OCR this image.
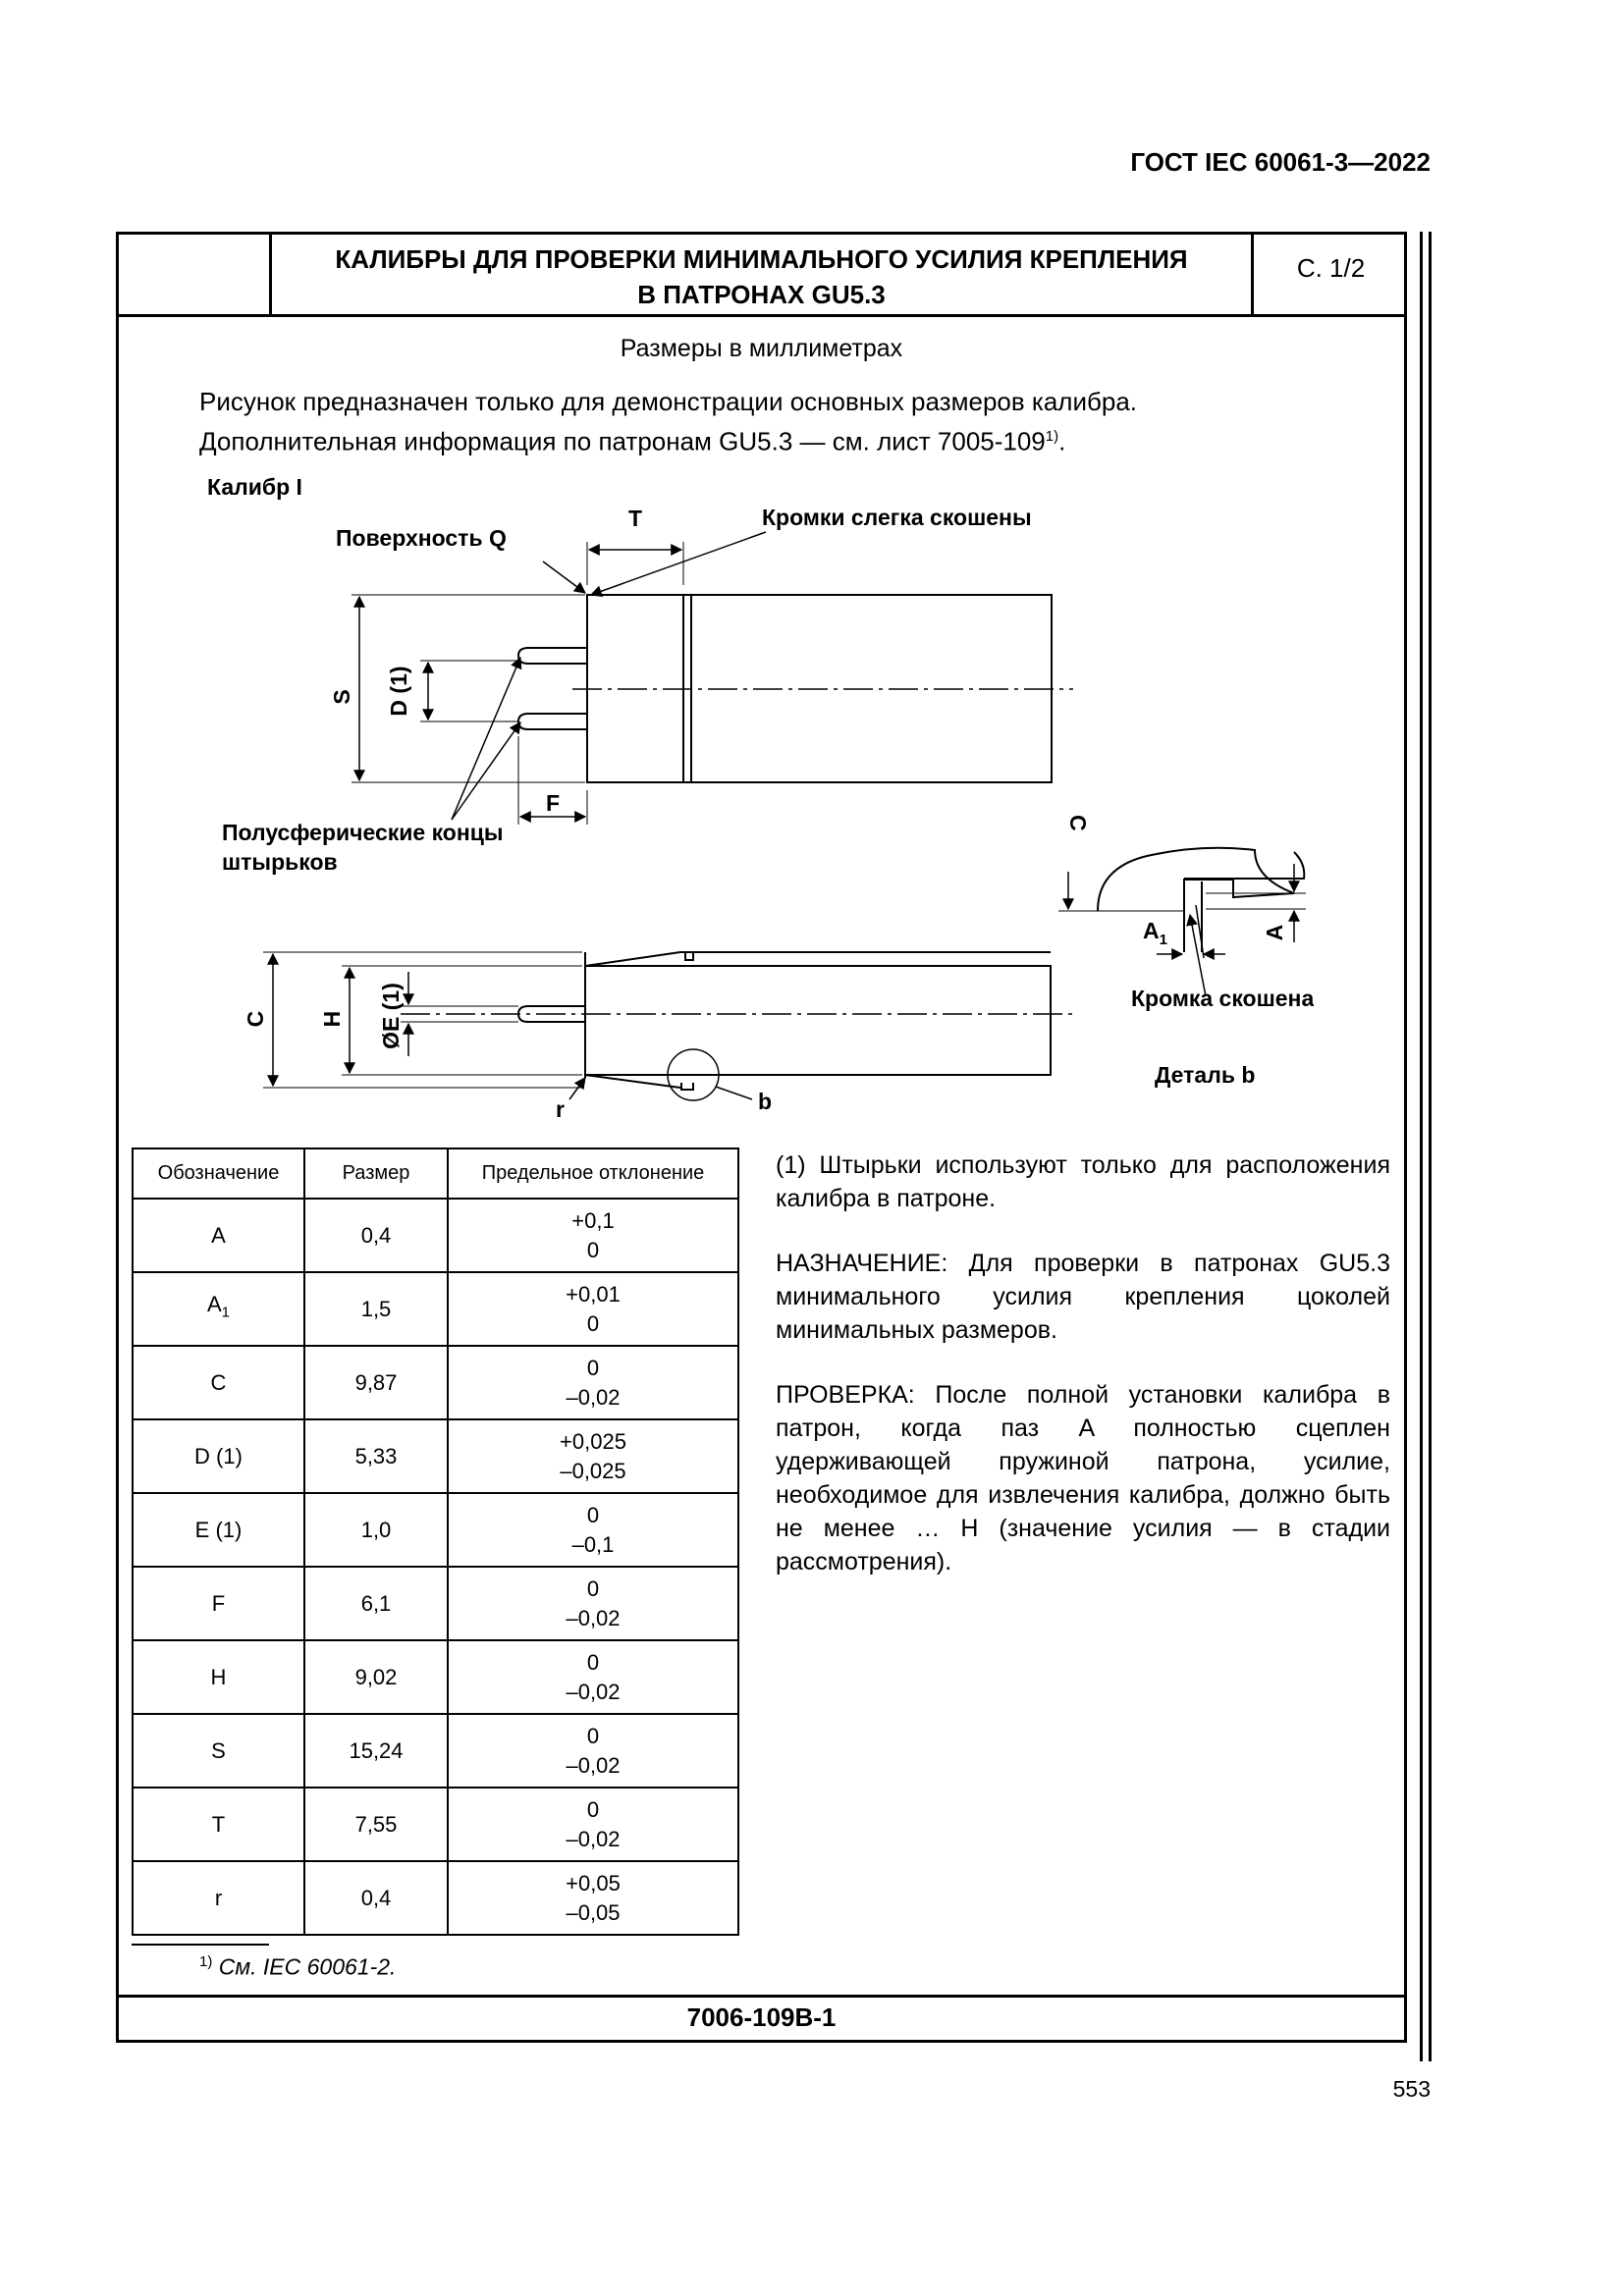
ГОСТ IEC 60061-3—2022
КАЛИБРЫ ДЛЯ ПРОВЕРКИ МИНИМАЛЬНОГО УСИЛИЯ КРЕПЛЕНИЯ
В ПАТРОНАХ GU5.3
С. 1/2
Размеры в миллиметрах
Рисунок предназначен только для демонстрации основных размеров калибра.
Дополнительная информация по патронам GU5.3 — см. лист 7005-109$^{1)}$.
Калибр I
Поверхность Q
T	Кромки слегка скошены
S D (1)
F
Полусферические концы
штырьков
C H ØE (1)
r	b
C
$A_1$	A
Кромка скошена
Деталь b
Обозначение	Размер	Предельное отклонение
A	0,4	+0,1
0

$A_1$	1,5	+0,01
0

C	9,87	0
–0,02

D (1)	5,33	+0,025
–0,025

E (1)	1,0	0
–0,1

F	6,1	0
–0,02

H	9,02	0
–0,02

S	15,24	0
–0,02

T	7,55	0
–0,02

r	0,4	+0,05
–0,05
(1) Штырьки используют только для расположения калибра в патроне.
НАЗНАЧЕНИЕ: Для проверки в патронах GU5.3 минимального усилия крепления цоколей минимальных размеров.
ПРОВЕРКА: После полной установки калибра в патрон, когда паз A полностью сцеплен удерживающей пружиной патрона, усилие, необходимое для извлечения калибра, должно быть не менее … H (значение усилия — в стадии рассмотрения).
$^{1)}$ См. IEC 60061-2.
7006-109B-1
553
